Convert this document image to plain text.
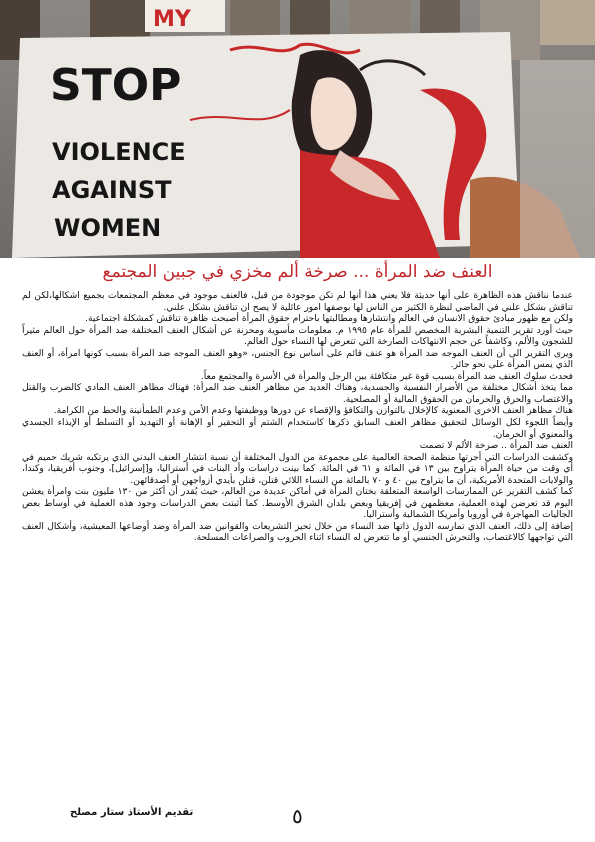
MY
STOP
VIOLENCE
AGAINST
WOMEN
العنف ضد المرأة ... صرخة ألم مخزي في جبين المجتمع

عندما نناقش هذه الظاهرة على أنها حديثة فلا يعني هذا أنها لم تكن موجودة من قبل، فالعنف موجود في معظم المجتمعات بجميع اشكالها،لكن لم تناقش بشكل علني في الماضي لنظرة الكثير من الناس لها بوصفها امور عائلية لا يصح ان تناقش بشكل علني.

ولكن مع ظهور مبادئ حقوق الانسان في العالم وانتشارها ومطالبتها باحترام حقوق المرأة أصبحت ظاهرة تناقش كمشكلة اجتماعية.

حيث أورد تقرير التنمية البشرية المخصص للمرأة عام ١٩٩٥ م. معلومات مأسوية ومحزنة عن أشكال العنف المختلفة ضد المرأة حول العالم مثيراً للشجون والألم، وكاشفاً عن حجم الانتهاكات الصارخة التي تتعرض لها النساء حول العالم.

ويرى التقرير الى أن العنف الموجه ضد المرأة هو عنف قائم على أساس نوع الجنس، «وهو العنف الموجه ضد المرأة بسبب كونها امرأة، أو العنف الذي يمس المرأة على نحو جائر.

فحدث سلوك العنف ضد المرأة بسبب قوة غير متكافئة بين الرجل والمرأة في الأسرة والمجتمع معاً.

مما يتخذ أشكال مختلفة من الأضرار النفسية والجسدية، وهناك العديد من مظاهر العنف ضد المرأة: فهناك مظاهر العنف المادي كالضرب والقتل والاغتصاب والحرق والحرمان من الحقوق المالية أو المصلحية.

هناك مظاهر العنف الاخرى المعنوية كالإخلال بالتوازن والتكافؤ والإقصاء عن دورها ووظيفتها وعدم الأمن وعدم الطمأنينة والحط من الكرامة.

وأيضاً اللجوء لكل الوسائل لتحقيق مظاهر العنف السابق ذكرها كاستخدام الشتم أو التحقير أو الإهانة أو التهديد أو التسلط أو الإيذاء الجسدي والمعنوي أو الحرمان.

العنف ضد المرأة .. صرخة الألم لا تصمت

وكشفت الدراسات التي أجرتها منظمة الصحة العالمية على مجموعة من الدول المختلفة أن نسبة انتشار العنف البدني الذي يرتكبه شريك حميم في أي وقت من حياة المرأة يتراوح بين ١٣ في المائة و ٦١ في المائة. كما بينت دراسات وأد البنات في أستراليا، و[إسرائيل]، وجنوب أفريقيا، وكندا، والولايات المتحدة الأمريكية، أن ما يتراوح بين ٤٠ و ٧٠ بالمائة من النساء اللائي قتلن، قتلن بأيدي أزواجهن أو أصدقائهن.

كما كشف التقرير عن الممارسات الواسعة المتعلقة بختان المرأة في أماكن عديدة من العالم، حيث يُقدر أن أكثر من ١٣٠ مليون بنت وامرأة يعشن اليوم قد تعرضن لهذه العملية، معظمهن في إفريقيا وبعض بلدان الشرق الأوسط. كما أثبتت بعض الدراسات وجود هذه العملية في أوساط بعض الجاليات المهاجرة في أوروبا وأمريكا الشمالية وأستراليا.

إضافة إلى ذلك، العنف الذي تمارسه الدول ذاتها ضد النساء من خلال تحيز التشريعات والقوانين ضد المرأة وضد أوضاعها المعيشية، وأشكال العنف التي تواجهها كالاغتصاب، والتحرش الجنسي أو ما تتعرض له النساء اثناء الحروب والصراعات المسلحة.

تقديم الأستاذ ستار مصلح	٥
